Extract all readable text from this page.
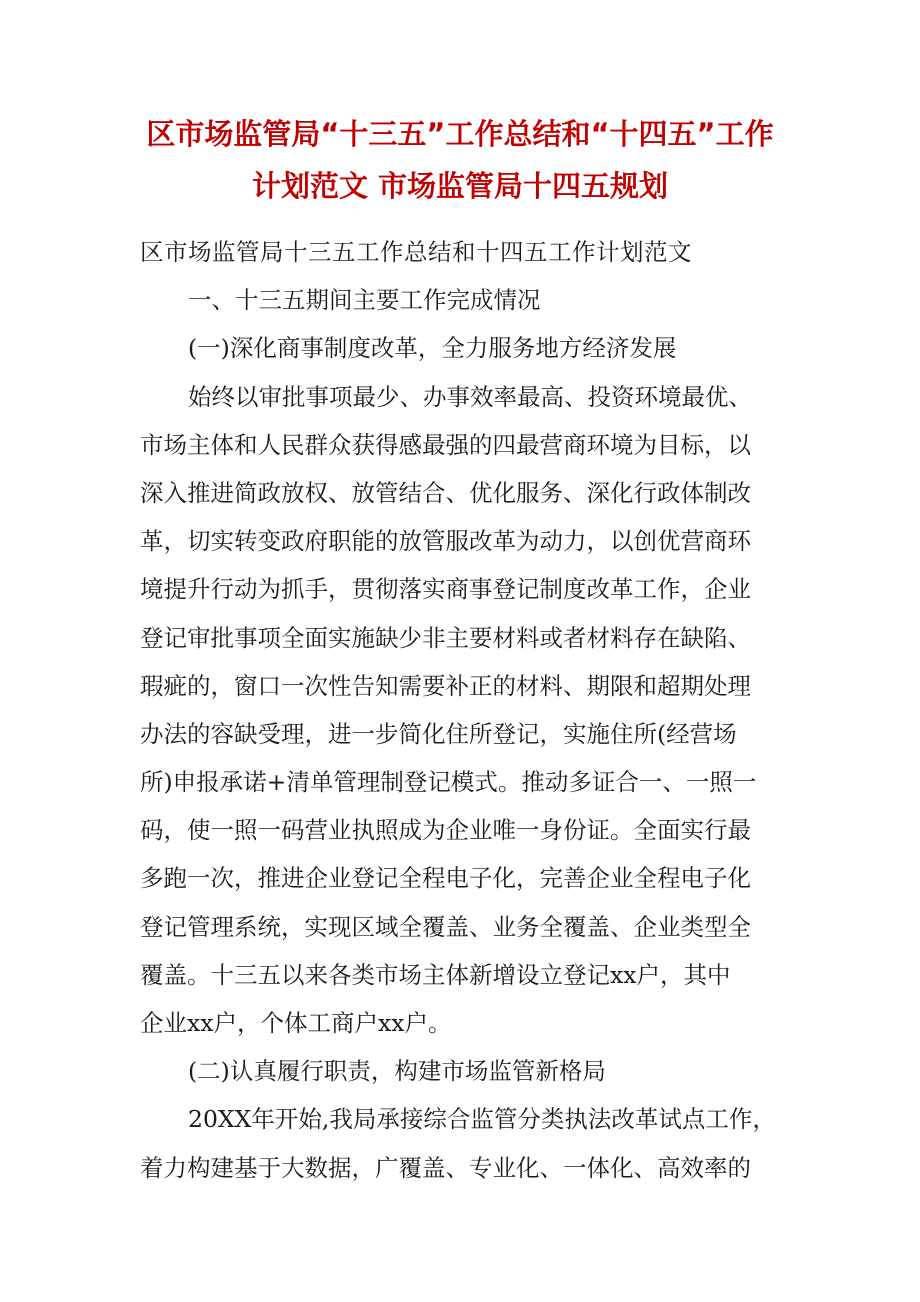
区市场监管局“十三五”工作总结和“十四五”工作
计划范文 市场监管局十四五规划
区市场监管局十三五工作总结和十四五工作计划范文
一、十三五期间主要工作完成情况
(一)深化商事制度改革，全力服务地方经济发展
始终以审批事项最少、办事效率最高、投资环境最优、
市场主体和人民群众获得感最强的四最营商环境为目标，以
深入推进简政放权、放管结合、优化服务、深化行政体制改
革，切实转变政府职能的放管服改革为动力，以创优营商环
境提升行动为抓手，贯彻落实商事登记制度改革工作，企业
登记审批事项全面实施缺少非主要材料或者材料存在缺陷、
瑕疵的，窗口一次性告知需要补正的材料、期限和超期处理
办法的容缺受理，进一步简化住所登记，实施住所(经营场
所)申报承诺+清单管理制登记模式。推动多证合一、一照一
码，使一照一码营业执照成为企业唯一身份证。全面实行最
多跑一次，推进企业登记全程电子化，完善企业全程电子化
登记管理系统，实现区域全覆盖、业务全覆盖、企业类型全
覆盖。十三五以来各类市场主体新增设立登记xx户，其中
企业xx户，个体工商户xx户。
(二)认真履行职责，构建市场监管新格局
20XX年开始,我局承接综合监管分类执法改革试点工作，
着力构建基于大数据，广覆盖、专业化、一体化、高效率的
